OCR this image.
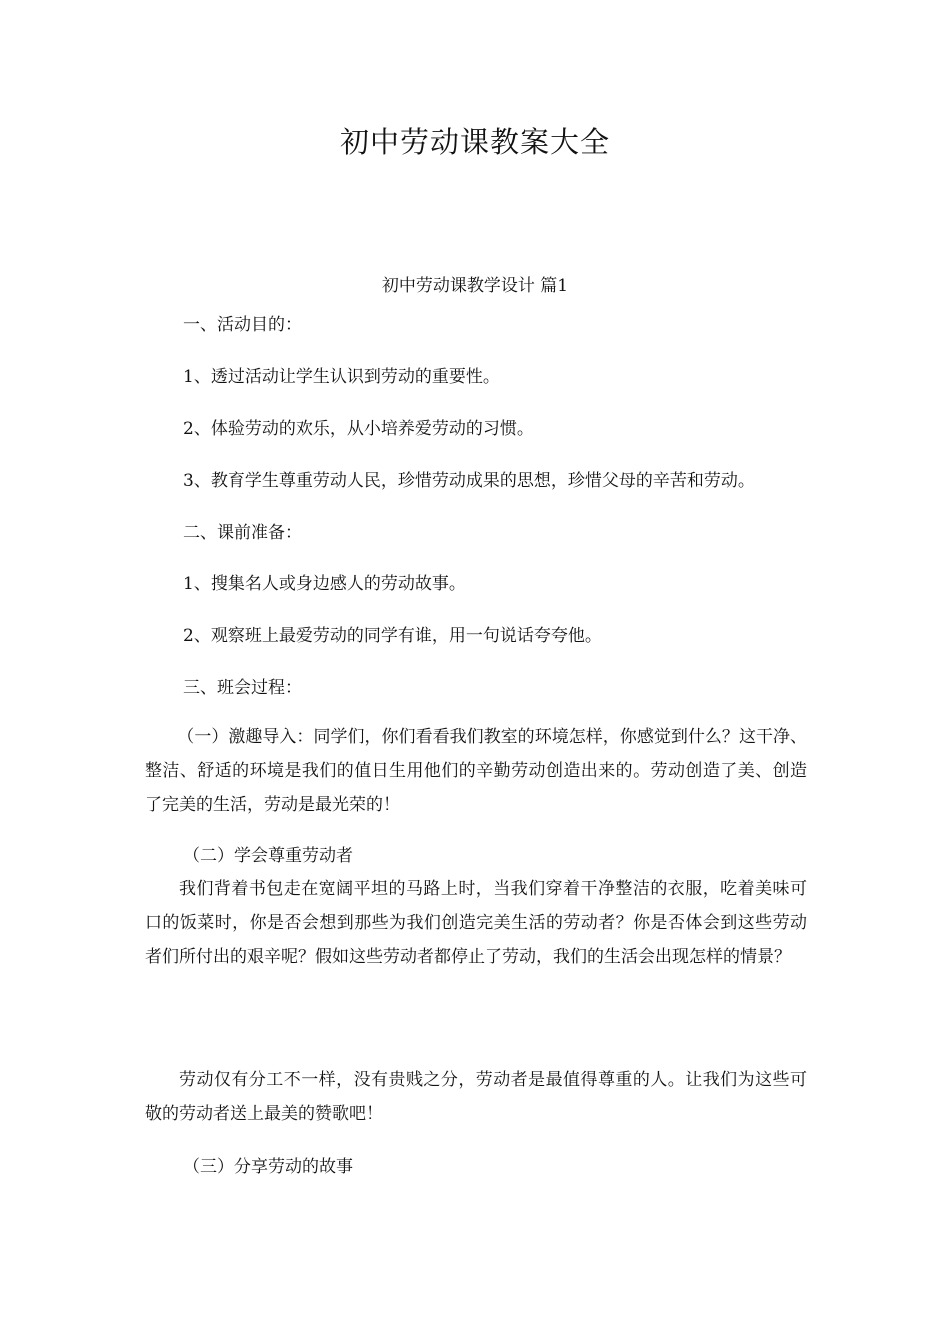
初中劳动课教案大全
初中劳动课教学设计 篇1
一、活动目的：
1、透过活动让学生认识到劳动的重要性。
2、体验劳动的欢乐，从小培养爱劳动的习惯。
3、教育学生尊重劳动人民，珍惜劳动成果的思想，珍惜父母的辛苦和劳动。
二、课前准备：
1、搜集名人或身边感人的劳动故事。
2、观察班上最爱劳动的同学有谁，用一句说话夸夸他。
三、班会过程：

（一）激趣导入：同学们，你们看看我们教室的环境怎样，你感觉到什么？这干净、整洁、舒适的环境是我们的值日生用他们的辛勤劳动创造出来的。劳动创造了美、创造了完美的生活，劳动是最光荣的！

（二）学会尊重劳动者

我们背着书包走在宽阔平坦的马路上时，当我们穿着干净整洁的衣服，吃着美味可口的饭菜时，你是否会想到那些为我们创造完美生活的劳动者？你是否体会到这些劳动者们所付出的艰辛呢？假如这些劳动者都停止了劳动，我们的生活会出现怎样的情景？

劳动仅有分工不一样，没有贵贱之分，劳动者是最值得尊重的人。让我们为这些可敬的劳动者送上最美的赞歌吧！

（三）分享劳动的故事
